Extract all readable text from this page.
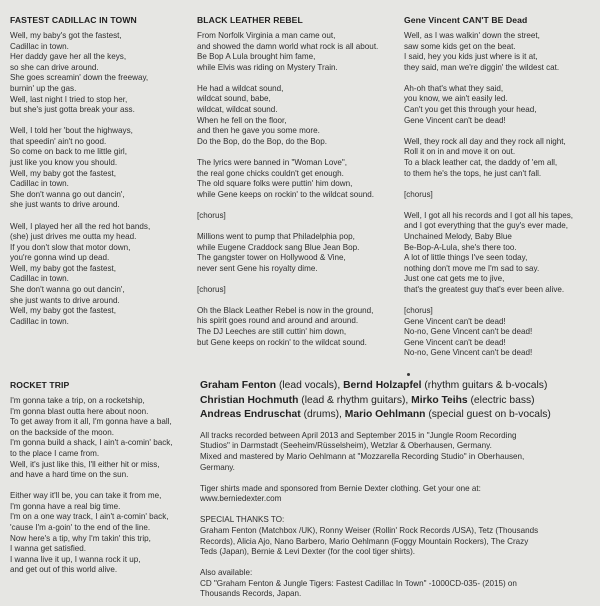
FASTEST CADILLAC IN TOWN
Well, my baby's got the fastest,
Cadillac in town.
Her daddy gave her all the keys,
so she can drive around.
She goes screamin' down the freeway,
burnin' up the gas.
Well, last night I tried to stop her,
but she's just gotta break your ass.
Well, I told her 'bout the highways,
that speedin' ain't no good.
So come on back to me little girl,
just like you know you should.
Well, my baby got the fastest,
Cadillac in town.
She don't wanna go out dancin',
she just wants to drive around.
Well, I played her all the red hot bands,
(she) just drives me outta my head.
If you don't slow that motor down,
you're gonna wind up dead.
Well, my baby got the fastest,
Cadillac in town.
She don't wanna go out dancin',
she just wants to drive around.
Well, my baby got the fastest,
Cadillac in town.
BLACK LEATHER REBEL
From Norfolk Virginia a man came out,
and showed the damn world what rock is all about.
Be Bop A Lula brought him fame,
while Elvis was riding on Mystery Train.
He had a wildcat sound,
wildcat sound, babe,
wildcat, wildcat sound.
When he fell on the floor,
and then he gave you some more.
Do the Bop, do the Bop, do the Bop.
The lyrics were banned in "Woman Love",
the real gone chicks couldn't get enough.
The old square folks were puttin' him down,
while Gene keeps on rockin' to the wildcat sound.
[chorus]
Millions went to pump that Philadelphia pop,
while Eugene Craddock sang Blue Jean Bop.
The gangster tower on Hollywood & Vine,
never sent Gene his royalty dime.
[chorus]
Oh the Black Leather Rebel is now in the ground,
his spirit goes round and around and around.
The DJ Leeches are still cuttin' him down,
but Gene keeps on rockin' to the wildcat sound.
Gene Vincent CAN'T BE Dead
Well, as I was walkin' down the street,
saw some kids get on the beat.
I said, hey you kids just where is it at,
they said, man we're diggin' the wildest cat.
Ah-oh that's what they said,
you know, we ain't easily led.
Can't you get this through your head,
Gene Vincent can't be dead!
Well, they rock all day and they rock all night,
Roll it on in and move it on out.
To a black leather cat, the daddy of 'em all,
to them he's the tops, he just can't fall.
[chorus]
Well, I got all his records and I got all his tapes,
and I got everything that the guy's ever made,
Unchained Melody, Baby Blue
Be-Bop-A-Lula, she's there too.
A lot of little things I've seen today,
nothing don't move me I'm sad to say.
Just one cat gets me to jive,
that's the greatest guy that's ever been alive.
[chorus]
Gene Vincent can't be dead!
No-no, Gene Vincent can't be dead!
Gene Vincent can't be dead!
No-no, Gene Vincent can't be dead!
ROCKET TRIP
I'm gonna take a trip, on a rocketship,
I'm gonna blast outta here about noon.
To get away from it all, I'm gonna have a ball,
on the backside of the moon.
I'm gonna build a shack, I ain't a-comin' back,
to the place I came from.
Well, it's just like this, I'll either hit or miss,
and have a hard time on the sun.
Either way it'll be, you can take it from me,
I'm gonna have a real big time.
I'm on a one way track, I ain't a-comin' back,
'cause I'm a-goin' to the end of the line.
Now here's a tip, why I'm takin' this trip,
I wanna get satisfied.
I wanna live it up, I wanna rock it up,
and get out of this world alive.
Graham Fenton (lead vocals), Bernd Holzapfel (rhythm guitars & b-vocals)
Christian Hochmuth (lead & rhythm guitars), Mirko Teihs (electric bass)
Andreas Endruschat (drums), Mario Oehlmann (special guest on b-vocals)
All tracks recorded between April 2013 and September 2015 in "Jungle Room Recording
Studios" in Darmstadt (Seeheim/Rüsselsheim), Wetzlar & Oberhausen, Germany.
Mixed and mastered by Mario Oehlmann at "Mozzarella Recording Studio" in Oberhausen,
Germany.
Tiger shirts made and sponsored from Bernie Dexter clothing. Get your one at:
www.berniedexter.com
SPECIAL THANKS TO:
Graham Fenton (Matchbox /UK), Ronny Weiser (Rollin' Rock Records /USA), Tetz (Thousands
Records), Alicia Ajo, Nano Barbero, Mario Oehlmann (Foggy Mountain Rockers), The Crazy
Teds (Japan), Bernie & Levi Dexter (for the cool tiger shirts).
Also available:
CD "Graham Fenton & Jungle Tigers: Fastest Cadillac In Town" -1000CD-035- (2015) on
Thousands Records, Japan.
